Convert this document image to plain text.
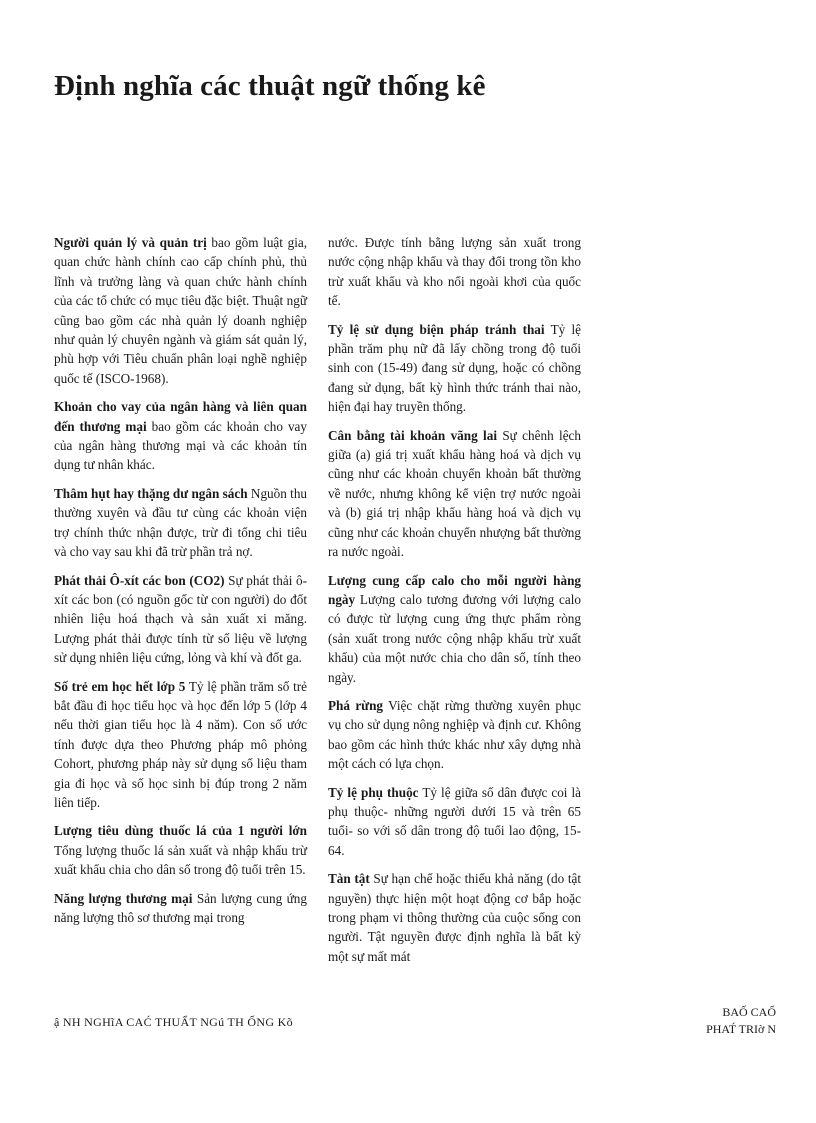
Định nghĩa các thuật ngữ thống kê

Người quản lý và quản trị bao gồm luật gia, quan chức hành chính cao cấp chính phủ, thủ lĩnh và trưởng làng và quan chức hành chính của các tổ chức có mục tiêu đặc biệt. Thuật ngữ cũng bao gồm các nhà quản lý doanh nghiệp như quản lý chuyên ngành và giám sát quản lý, phù hợp với Tiêu chuẩn phân loại nghề nghiệp quốc tế (ISCO-1968).

Khoản cho vay của ngân hàng và liên quan đến thương mại bao gồm các khoản cho vay của ngân hàng thương mại và các khoản tín dụng tư nhân khác.

Thâm hụt hay thặng dư ngân sách Nguồn thu thường xuyên và đầu tư cùng các khoản viện trợ chính thức nhận được, trừ đi tổng chi tiêu và cho vay sau khi đã trừ phần trả nợ.

Phát thải Ô-xít các bon (CO2) Sự phát thải ô-xít các bon (có nguồn gốc từ con người) do đốt nhiên liệu hoá thạch và sản xuất xi măng. Lượng phát thải được tính từ số liệu về lượng sử dụng nhiên liệu cứng, lỏng và khí và đốt ga.

Số trẻ em học hết lớp 5 Tỷ lệ phần trăm số trẻ bắt đầu đi học tiểu học và học đến lớp 5 (lớp 4 nếu thời gian tiểu học là 4 năm). Con số ước tính được dựa theo Phương pháp mô phỏng Cohort, phương pháp này sử dụng số liệu tham gia đi học và số học sinh bị đúp trong 2 năm liên tiếp.

Lượng tiêu dùng thuốc lá của 1 người lớn Tổng lượng thuốc lá sản xuất và nhập khẩu trừ xuất khẩu chia cho dân số trong độ tuổi trên 15.

Năng lượng thương mại Sản lượng cung ứng năng lượng thô sơ thương mại trong

nước. Được tính bằng lượng sản xuất trong nước cộng nhập khẩu và thay đổi trong tồn kho trừ xuất khẩu và kho nổi ngoài khơi của quốc tế.

Tỷ lệ sử dụng biện pháp tránh thai Tỷ lệ phần trăm phụ nữ đã lấy chồng trong độ tuổi sinh con (15-49) đang sử dụng, hoặc có chồng đang sử dụng, bất kỳ hình thức tránh thai nào, hiện đại hay truyền thống.

Cân bằng tài khoản vãng lai Sự chênh lệch giữa (a) giá trị xuất khẩu hàng hoá và dịch vụ cũng như các khoản chuyển khoản bất thường về nước, nhưng không kể viện trợ nước ngoài và (b) giá trị nhập khẩu hàng hoá và dịch vụ cũng như các khoản chuyển nhượng bất thường ra nước ngoài.

Lượng cung cấp calo cho mỗi người hàng ngày Lượng calo tương đương với lượng calo có được từ lượng cung ứng thực phẩm ròng (sản xuất trong nước cộng nhập khẩu trừ xuất khẩu) của một nước chia cho dân số, tính theo ngày.

Phá rừng Việc chặt rừng thường xuyên phục vụ cho sử dụng nông nghiệp và định cư. Không bao gồm các hình thức khác như xây dựng nhà một cách có lựa chọn.

Tỷ lệ phụ thuộc Tỷ lệ giữa số dân được coi là phụ thuộc- những người dưới 15 và trên 65 tuổi- so với số dân trong độ tuổi lao động, 15-64.

Tàn tật Sự hạn chế hoặc thiếu khả năng (do tật nguyền) thực hiện một hoạt động cơ bắp hoặc trong phạm vi thông thường của cuộc sống con người. Tật nguyền được định nghĩa là bất kỳ một sự mất mát

ậ NH NGHĩA CAĆ THUẨT NGú TH ỐNG Kõ
BAỐ CAỐ
PHAT́ TRIờ N
